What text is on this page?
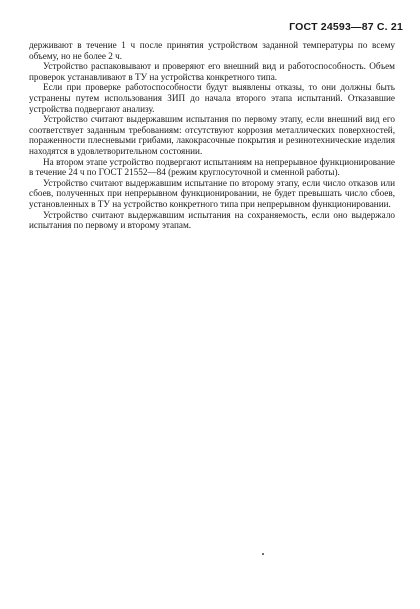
ГОСТ 24593—87 С. 21

держивают в течение 1 ч после принятия устройством заданной температуры по всему объему, но не более 2 ч.

Устройство распаковывают и проверяют его внешний вид и работоспособность. Объем проверок устанавливают в ТУ на устройства конкретного типа.

Если при проверке работоспособности будут выявлены отказы, то они должны быть устранены путем использования ЗИП до начала второго этапа испытаний. Отказавшие устройства подвергают анализу.

Устройство считают выдержавшим испытания по первому этапу, если внешний вид его соответствует заданным требованиям: отсутствуют коррозия металлических поверхностей, пораженности плесневыми грибами, лакокрасочные покрытия и резинотехнические изделия находятся в удовлетворительном состоянии.

На втором этапе устройство подвергают испытаниям на непрерывное функционирование в течение 24 ч по ГОСТ 21552—84 (режим круглосуточной и сменной работы).

Устройство считают выдержавшим испытание по второму этапу, если число отказов или сбоев, полученных при непрерывном функционировании, не будет превышать число сбоев, установленных в ТУ на устройство конкретного типа при непрерывном функционировании.

Устройство считают выдержавшим испытания на сохраняемость, если оно выдержало испытания по первому и второму этапам.
